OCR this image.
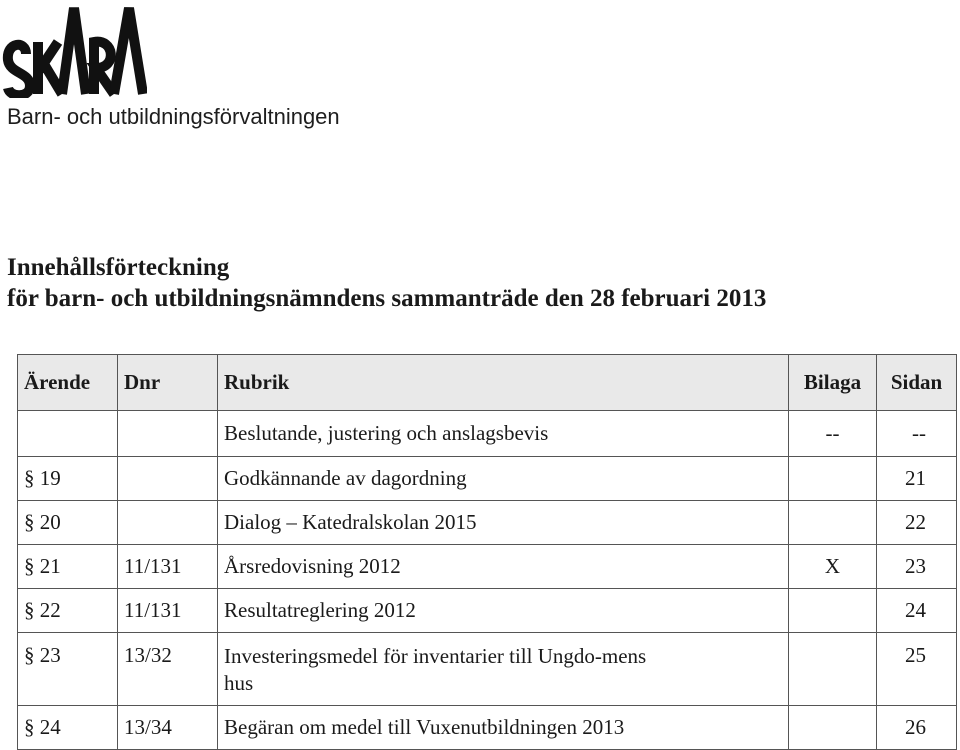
Barn- och utbildningsförvaltningen
Innehållsförteckning
för barn- och utbildningsnämndens sammanträde den 28 februari 2013
Ärende	Dnr	Rubrik	Bilaga	Sidan
		Beslutande, justering och anslagsbevis	--	--
§ 19		Godkännande av dagordning		21
§ 20		Dialog – Katedralskolan 2015		22
§ 21	11/131	Årsredovisning 2012	X	23
§ 22	11/131	Resultatreglering 2012		24
§ 23	13/32	Investeringsmedel för inventarier till Ungdo-mens hus		25
§ 24	13/34	Begäran om medel till Vuxenutbildningen 2013		26
